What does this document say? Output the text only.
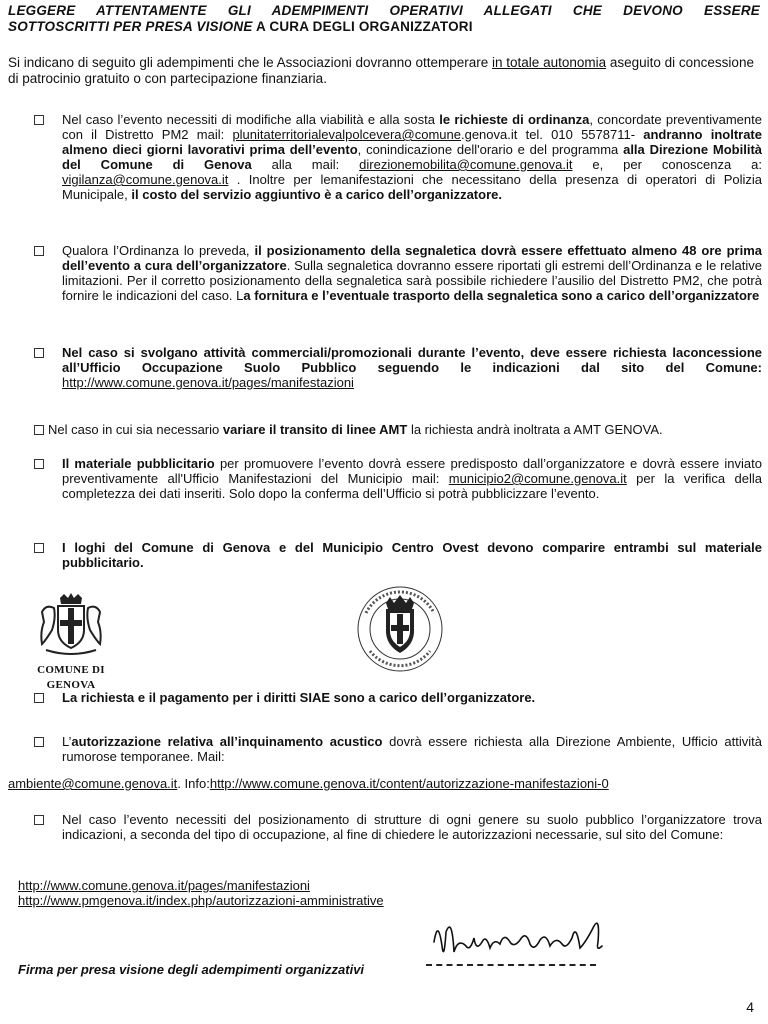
LEGGERE ATTENTAMENTE GLI ADEMPIMENTI OPERATIVI ALLEGATI CHE DEVONO ESSERE
SOTTOSCRITTI PER PRESA VISIONE A CURA DEGLI ORGANIZZATORI

Si indicano di seguito gli adempimenti che le Associazioni dovranno ottemperare in totale autonomia aseguito di concessione di patrocinio gratuito o con partecipazione finanziaria.

Nel caso l’evento necessiti di modifiche alla viabilità e alla sosta le richieste di ordinanza, concordate preventivamente con il Distretto PM2 mail: plunitaterritorialevalpolcevera@comune.genova.it tel. 010 5578711- andranno inoltrate almeno dieci giorni lavorativi prima dell’evento, conindicazione dell'orario e del programma alla Direzione Mobilità del Comune di Genova alla mail: direzionemobilita@comune.genova.it e, per conoscenza a: vigilanza@comune.genova.it . Inoltre per lemanifestazioni che necessitano della presenza di operatori di Polizia Municipale, il costo del servizio aggiuntivo è a carico dell’organizzatore.
Qualora l’Ordinanza lo preveda, il posizionamento della segnaletica dovrà essere effettuato almeno 48 ore prima dell’evento a cura dell’organizzatore. Sulla segnaletica dovranno essere riportati gli estremi dell’Ordinanza e le relative limitazioni. Per il corretto posizionamento della segnaletica sarà possibile richiedere l’ausilio del Distretto PM2, che potrà fornire le indicazioni del caso. La fornitura e l’eventuale trasporto della segnaletica sono a carico dell’organizzatore
Nel caso si svolgano attività commerciali/promozionali durante l’evento, deve essere richiesta laconcessione all’Ufficio Occupazione Suolo Pubblico seguendo le indicazioni dal sito del Comune: http://www.comune.genova.it/pages/manifestazioni
Nel caso in cui sia necessario variare il transito di linee AMT la richiesta andrà inoltrata a AMT GENOVA.
Il materiale pubblicitario per promuovere l’evento dovrà essere predisposto dall’organizzatore e dovrà essere inviato preventivamente all'Ufficio Manifestazioni del Municipio mail: municipio2@comune.genova.it per la verifica della completezza dei dati inseriti. Solo dopo la conferma dell’Ufficio si potrà pubblicizzare l’evento.
I loghi del Comune di Genova e del Municipio Centro Ovest devono comparire entrambi sul materiale pubblicitario.
COMUNE DI GENOVA
La richiesta e il pagamento per i diritti SIAE sono a carico dell’organizzatore.
L’autorizzazione relativa all’inquinamento acustico dovrà essere richiesta alla Direzione Ambiente, Ufficio attività rumorose temporanee. Mail:
ambiente@comune.genova.it. Info:http://www.comune.genova.it/content/autorizzazione-manifestazioni-0
Nel caso l’evento necessiti del posizionamento di strutture di ogni genere su suolo pubblico l’organizzatore trova indicazioni, a seconda del tipo di occupazione, al fine di chiedere le autorizzazioni necessarie, sul sito del Comune:
http://www.comune.genova.it/pages/manifestazioni
http://www.pmgenova.it/index.php/autorizzazioni-amministrative
Firma per presa visione degli adempimenti organizzativi
4
